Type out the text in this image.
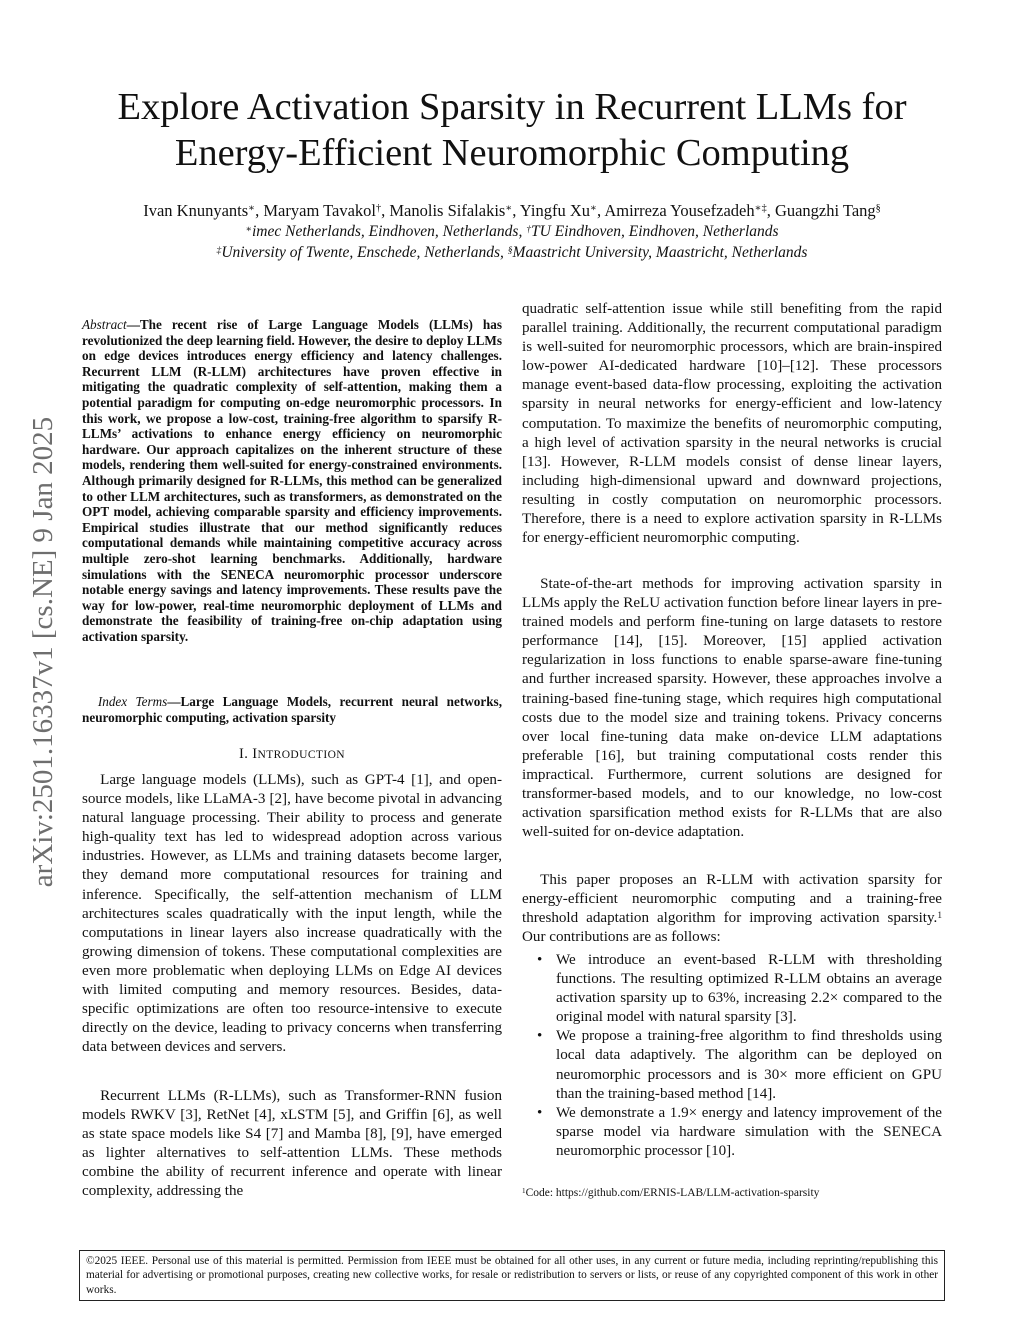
Explore Activation Sparsity in Recurrent LLMs for
Energy-Efficient Neuromorphic Computing
Ivan Knunyants∗, Maryam Tavakol†, Manolis Sifalakis∗, Yingfu Xu∗, Amirreza Yousefzadeh∗‡, Guangzhi Tang§
∗imec Netherlands, Eindhoven, Netherlands, †TU Eindhoven, Eindhoven, Netherlands
‡University of Twente, Enschede, Netherlands, §Maastricht University, Maastricht, Netherlands
arXiv:2501.16337v1 [cs.NE] 9 Jan 2025
Abstract—The recent rise of Large Language Models (LLMs) has revolutionized the deep learning field. However, the desire to deploy LLMs on edge devices introduces energy efficiency and latency challenges. Recurrent LLM (R-LLM) architectures have proven effective in mitigating the quadratic complexity of self-attention, making them a potential paradigm for computing on-edge neuromorphic processors. In this work, we propose a low-cost, training-free algorithm to sparsify R-LLMs’ activations to enhance energy efficiency on neuromorphic hardware. Our approach capitalizes on the inherent structure of these models, rendering them well-suited for energy-constrained environments. Although primarily designed for R-LLMs, this method can be generalized to other LLM architectures, such as transformers, as demonstrated on the OPT model, achieving comparable sparsity and efficiency improvements. Empirical studies illustrate that our method significantly reduces computational demands while maintaining competitive accuracy across multiple zero-shot learning benchmarks. Additionally, hardware simulations with the SENECA neuromorphic processor underscore notable energy savings and latency improvements. These results pave the way for low-power, real-time neuromorphic deployment of LLMs and demonstrate the feasibility of training-free on-chip adaptation using activation sparsity.
Index Terms—Large Language Models, recurrent neural networks, neuromorphic computing, activation sparsity
I. INTRODUCTION

Large language models (LLMs), such as GPT-4 [1], and open-source models, like LLaMA-3 [2], have become pivotal in advancing natural language processing. Their ability to process and generate high-quality text has led to widespread adoption across various industries. However, as LLMs and training datasets become larger, they demand more computational resources for training and inference. Specifically, the self-attention mechanism of LLM architectures scales quadratically with the input length, while the computations in linear layers also increase quadratically with the growing dimension of tokens. These computational complexities are even more problematic when deploying LLMs on Edge AI devices with limited computing and memory resources. Besides, data-specific optimizations are often too resource-intensive to execute directly on the device, leading to privacy concerns when transferring data between devices and servers.

Recurrent LLMs (R-LLMs), such as Transformer-RNN fusion models RWKV [3], RetNet [4], xLSTM [5], and Griffin [6], as well as state space models like S4 [7] and Mamba [8], [9], have emerged as lighter alternatives to self-attention LLMs. These methods combine the ability of recurrent inference and operate with linear complexity, addressing the

quadratic self-attention issue while still benefiting from the rapid parallel training. Additionally, the recurrent computational paradigm is well-suited for neuromorphic processors, which are brain-inspired low-power AI-dedicated hardware [10]–[12]. These processors manage event-based data-flow processing, exploiting the activation sparsity in neural networks for energy-efficient and low-latency computation. To maximize the benefits of neuromorphic computing, a high level of activation sparsity in the neural networks is crucial [13]. However, R-LLM models consist of dense linear layers, including high-dimensional upward and downward projections, resulting in costly computation on neuromorphic processors. Therefore, there is a need to explore activation sparsity in R-LLMs for energy-efficient neuromorphic computing.

State-of-the-art methods for improving activation sparsity in LLMs apply the ReLU activation function before linear layers in pre-trained models and perform fine-tuning on large datasets to restore performance [14], [15]. Moreover, [15] applied activation regularization in loss functions to enable sparse-aware fine-tuning and further increased sparsity. However, these approaches involve a training-based fine-tuning stage, which requires high computational costs due to the model size and training tokens. Privacy concerns over local fine-tuning data make on-device LLM adaptations preferable [16], but training computational costs render this impractical. Furthermore, current solutions are designed for transformer-based models, and to our knowledge, no low-cost activation sparsification method exists for R-LLMs that are also well-suited for on-device adaptation.

This paper proposes an R-LLM with activation sparsity for energy-efficient neuromorphic computing and a training-free threshold adaptation algorithm for improving activation sparsity.$^1$ Our contributions are as follows:

• We introduce an event-based R-LLM with thresholding functions. The resulting optimized R-LLM obtains an average activation sparsity up to 63%, increasing 2.2× compared to the original model with natural sparsity [3].
• We propose a training-free algorithm to find thresholds using local data adaptively. The algorithm can be deployed on neuromorphic processors and is 30× more efficient on GPU than the training-based method [14].
• We demonstrate a 1.9× energy and latency improvement of the sparse model via hardware simulation with the SENECA neuromorphic processor [10].
$^1$Code: https://github.com/ERNIS-LAB/LLM-activation-sparsity
©2025 IEEE. Personal use of this material is permitted. Permission from IEEE must be obtained for all other uses, in any current or future media, including reprinting/republishing this material for advertising or promotional purposes, creating new collective works, for resale or redistribution to servers or lists, or reuse of any copyrighted component of this work in other works.
